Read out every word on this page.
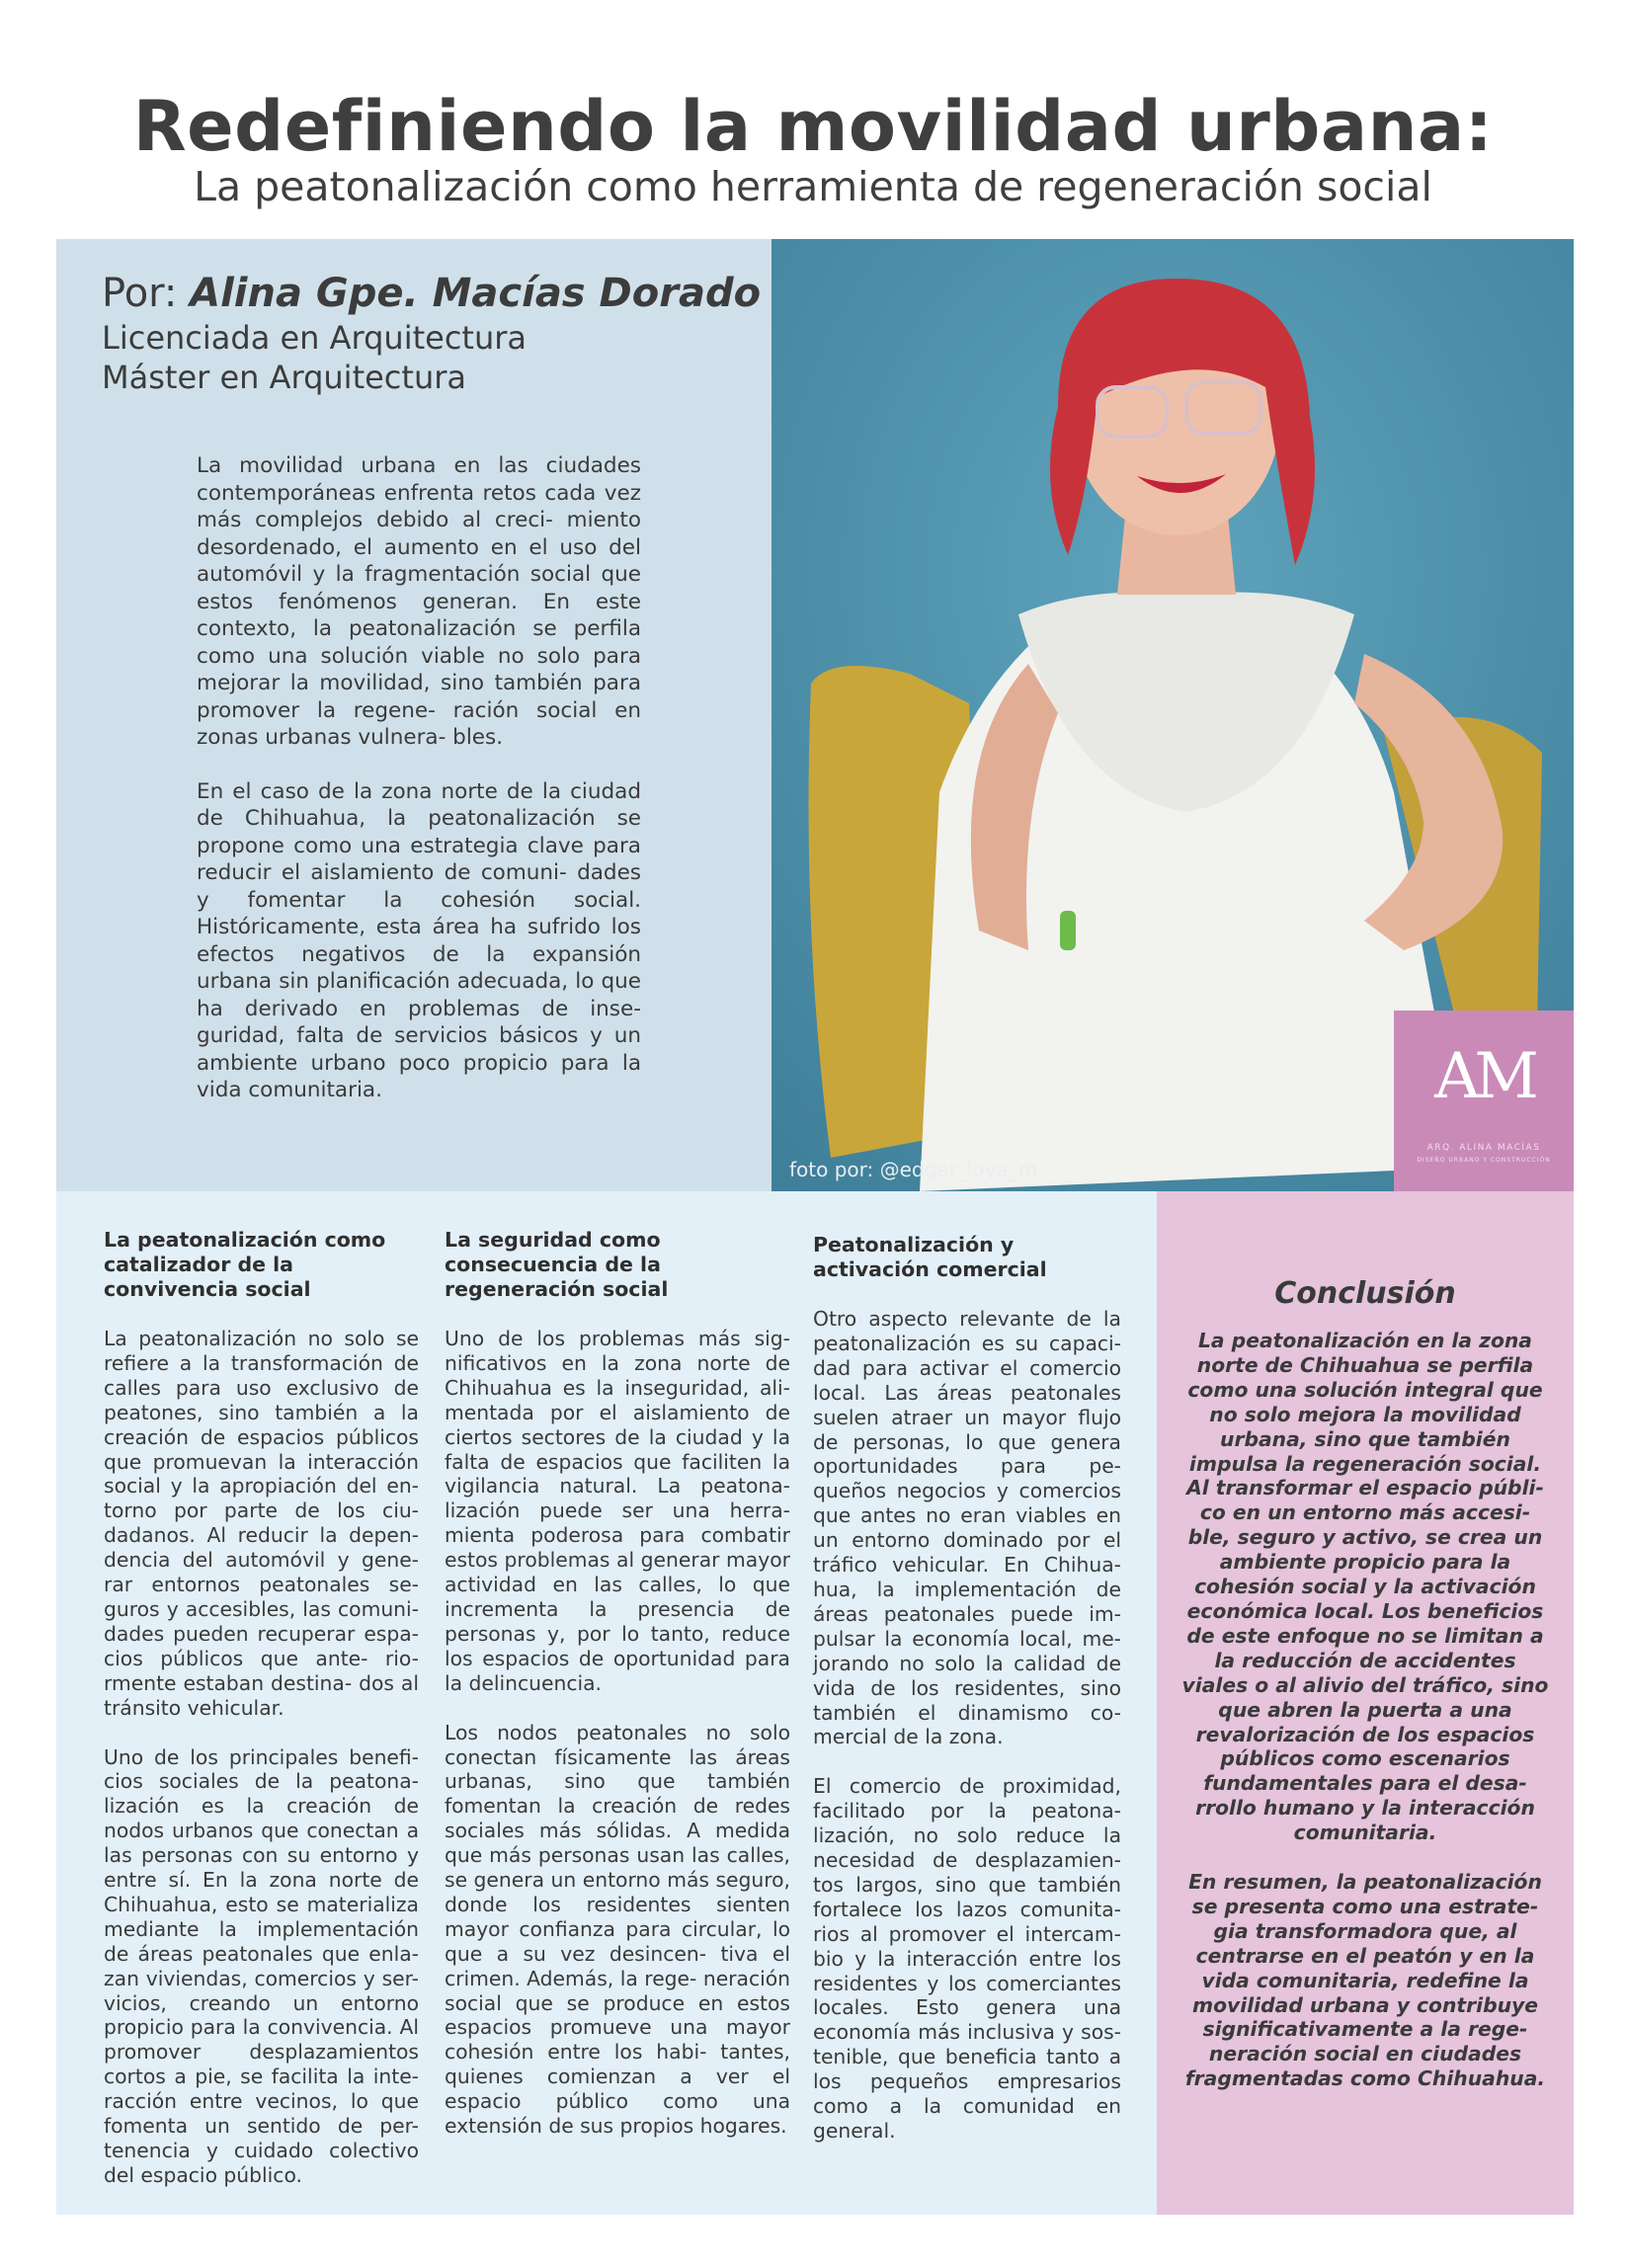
Redefiniendo la movilidad urbana:
La peatonalización como herramienta de regeneración social
Por: Alina Gpe. Macías Dorado
Licenciada en Arquitectura
Máster en Arquitectura

La movilidad urbana en las ciudades contemporáneas enfrenta retos cada vez más complejos debido al creci- miento desordenado, el aumento en el uso del automóvil y la fragmentación social que estos fenómenos generan. En este contexto, la peatonalización se perfila como una solución viable no solo para mejorar la movilidad, sino también para promover la regene- ración social en zonas urbanas vulnera- bles.

En el caso de la zona norte de la ciudad de Chihuahua, la peatonalización se propone como una estrategia clave para reducir el aislamiento de comuni- dades y fomentar la cohesión social. Históricamente, esta área ha sufrido los efectos negativos de la expansión urbana sin planificación adecuada, lo que ha derivado en problemas de inse- guridad, falta de servicios básicos y un ambiente urbano poco propicio para la vida comunitaria.

foto por: @edgar_loya_m
AM
ARQ. ALINA MACÍAS
DISEÑO URBANO Y CONSTRUCCIÓN
La peatonalización como catalizador de la convivencia social

La peatonalización no solo se refiere a la transformación de calles para uso exclusivo de peatones, sino también a la creación de espacios públicos que promuevan la interacción social y la apropiación del en- torno por parte de los ciu- dadanos. Al reducir la depen- dencia del automóvil y gene- rar entornos peatonales se- guros y accesibles, las comuni- dades pueden recuperar espa- cios públicos que ante- rio- rmente estaban destina- dos al tránsito vehicular.

Uno de los principales benefi- cios sociales de la peatona- lización es la creación de nodos urbanos que conectan a las personas con su entorno y entre sí. En la zona norte de Chihuahua, esto se materializa mediante la implementación de áreas peatonales que enla- zan viviendas, comercios y ser- vicios, creando un entorno propicio para la convivencia. Al promover desplazamientos cortos a pie, se facilita la inte- racción entre vecinos, lo que fomenta un sentido de per- tenencia y cuidado colectivo del espacio público.

La seguridad como consecuencia de la regeneración social

Uno de los problemas más sig- nificativos en la zona norte de Chihuahua es la inseguridad, ali- mentada por el aislamiento de ciertos sectores de la ciudad y la falta de espacios que faciliten la vigilancia natural. La peatona- lización puede ser una herra- mienta poderosa para combatir estos problemas al generar mayor actividad en las calles, lo que incrementa la presencia de personas y, por lo tanto, reduce los espacios de oportunidad para la delincuencia.

Los nodos peatonales no solo conectan físicamente las áreas urbanas, sino que también fomentan la creación de redes sociales más sólidas. A medida que más personas usan las calles, se genera un entorno más seguro, donde los residentes sienten mayor confianza para circular, lo que a su vez desincen- tiva el crimen. Además, la rege- neración social que se produce en estos espacios promueve una mayor cohesión entre los habi- tantes, quienes comienzan a ver el espacio público como una extensión de sus propios hogares.

Peatonalización y activación comercial

Otro aspecto relevante de la peatonalización es su capaci- dad para activar el comercio local. Las áreas peatonales suelen atraer un mayor flujo de personas, lo que genera oportunidades para pe- queños negocios y comercios que antes no eran viables en un entorno dominado por el tráfico vehicular. En Chihua- hua, la implementación de áreas peatonales puede im- pulsar la economía local, me- jorando no solo la calidad de vida de los residentes, sino también el dinamismo co- mercial de la zona.

El comercio de proximidad, facilitado por la peatona- lización, no solo reduce la necesidad de desplazamien- tos largos, sino que también fortalece los lazos comunita- rios al promover el intercam- bio y la interacción entre los residentes y los comerciantes locales. Esto genera una economía más inclusiva y sos- tenible, que beneficia tanto a los pequeños empresarios como a la comunidad en general.

Conclusión

La peatonalización en la zona norte de Chihuahua se perfila como una solución integral que no solo mejora la movilidad urbana, sino que también impulsa la regeneración social. Al transformar el espacio públi- co en un entorno más accesi- ble, seguro y activo, se crea un ambiente propicio para la cohesión social y la activación económica local. Los beneficios de este enfoque no se limitan a la reducción de accidentes viales o al alivio del tráfico, sino que abren la puerta a una revalorización de los espacios públicos como escenarios fundamentales para el desa- rrollo humano y la interacción comunitaria.

En resumen, la peatonalización se presenta como una estrate- gia transformadora que, al centrarse en el peatón y en la vida comunitaria, redefine la movilidad urbana y contribuye significativamente a la rege- neración social en ciudades fragmentadas como Chihuahua.
